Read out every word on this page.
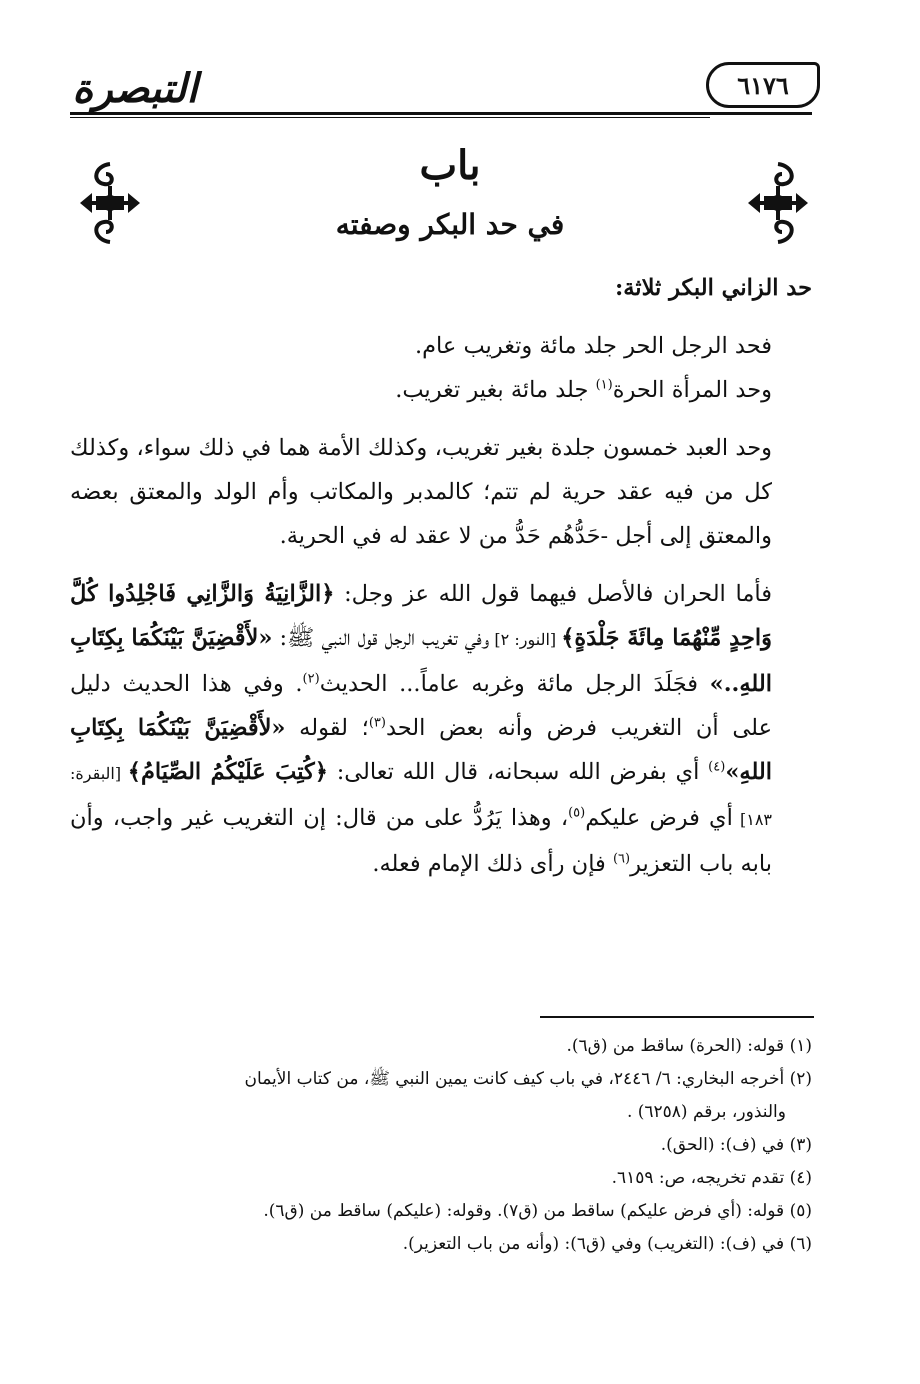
التبصرة	٦١٧٦
باب
في حد البكر وصفته

حد الزاني البكر ثلاثة:

فحد الرجل الحر جلد مائة وتغريب عام.

وحد المرأة الحرة$^{(١)}$ جلد مائة بغير تغريب.

وحد العبد خمسون جلدة بغير تغريب، وكذلك الأمة هما في ذلك سواء، وكذلك كل من فيه عقد حرية لم تتم؛ كالمدبر والمكاتب وأم الولد والمعتق بعضه والمعتق إلى أجل -حَدُّهُم حَدُّ من لا عقد له في الحرية.

فأما الحران فالأصل فيهما قول الله عز وجل: ﴿الزَّانِيَةُ وَالزَّانِي فَاجْلِدُوا كُلَّ وَاحِدٍ مِّنْهُمَا مِائَةَ جَلْدَةٍ﴾ [النور: ٢] وفي تغريب الرجل قول النبي ﷺ: «لأَقْضِيَنَّ بَيْنَكُمَا بِكِتَابِ اللهِ..» فجَلَدَ الرجل مائة وغربه عاماً... الحديث$^{(٢)}$. وفي هذا الحديث دليل على أن التغريب فرض وأنه بعض الحد$^{(٣)}$؛ لقوله «لأَقْضِيَنَّ بَيْنَكُمَا بِكِتَابِ اللهِ»$^{(٤)}$ أي بفرض الله سبحانه، قال الله تعالى: ﴿كُتِبَ عَلَيْكُمُ الصِّيَامُ﴾ [البقرة: ١٨٣] أي فرض عليكم$^{(٥)}$، وهذا يَرُدُّ على من قال: إن التغريب غير واجب، وأن بابه باب التعزير$^{(٦)}$ فإن رأى ذلك الإمام فعله.

(١) قوله: (الحرة) ساقط من (ق٦).

(٢) أخرجه البخاري: ٦/ ٢٤٤٦، في باب كيف كانت يمين النبي ﷺ، من كتاب الأيمان

والنذور، برقم (٦٢٥٨) .

(٣) في (ف): (الحق).

(٤) تقدم تخريجه، ص: ٦١٥٩.

(٥) قوله: (أي فرض عليكم) ساقط من (ق٧). وقوله: (عليكم) ساقط من (ق٦).

(٦) في (ف): (التغريب) وفي (ق٦): (وأنه من باب التعزير).
